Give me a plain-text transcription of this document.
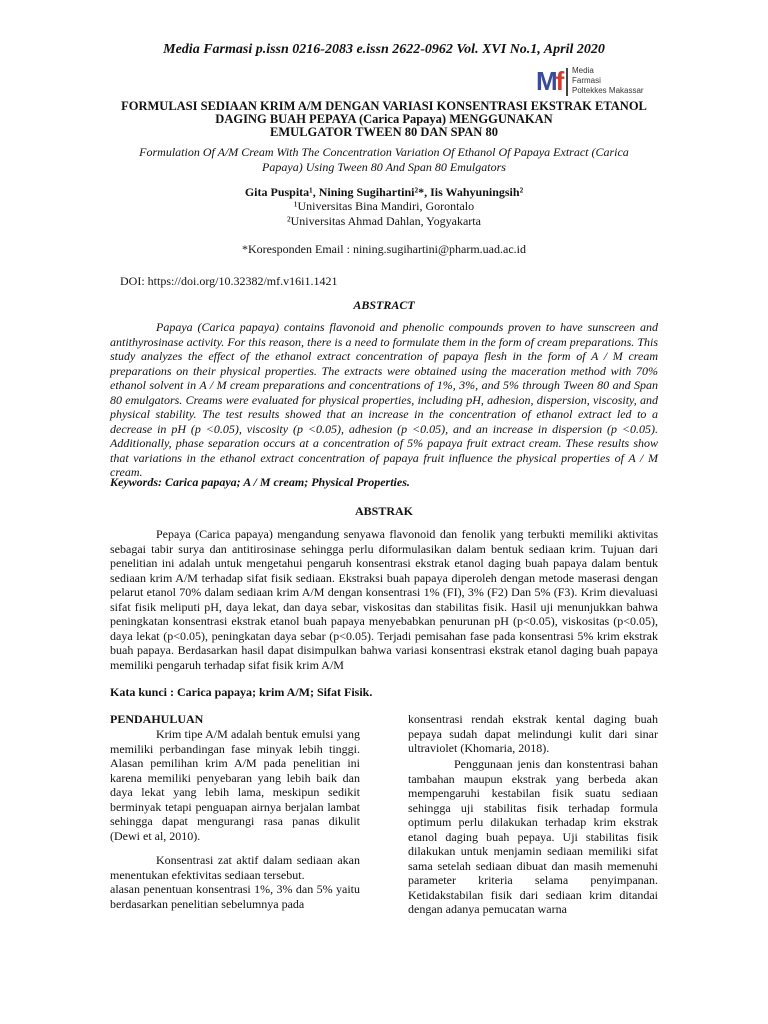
Media Farmasi p.issn 0216-2083 e.issn 2622-0962 Vol. XVI No.1, April 2020
Mf Media
Farmasi
Poltekkes Makassar
FORMULASI SEDIAAN KRIM A/M DENGAN VARIASI KONSENTRASI EKSTRAK ETANOL
DAGING BUAH PEPAYA (Carica Papaya) MENGGUNAKAN
EMULGATOR TWEEN 80 DAN SPAN 80
Formulation Of A/M Cream With The Concentration Variation Of Ethanol Of Papaya Extract (Carica
Papaya) Using Tween 80 And Span 80 Emulgators
Gita Puspita¹, Nining Sugihartini²*, Iis Wahyuningsih²
¹Universitas Bina Mandiri, Gorontalo
²Universitas Ahmad Dahlan, Yogyakarta
*Koresponden Email : nining.sugihartini@pharm.uad.ac.id
DOI: https://doi.org/10.32382/mf.v16i1.1421
ABSTRACT
Papaya (Carica papaya) contains flavonoid and phenolic compounds proven to have sunscreen and antithyrosinase activity. For this reason, there is a need to formulate them in the form of cream preparations. This study analyzes the effect of the ethanol extract concentration of papaya flesh in the form of A / M cream preparations on their physical properties. The extracts were obtained using the maceration method with 70% ethanol solvent in A / M cream preparations and concentrations of 1%, 3%, and 5% through Tween 80 and Span 80 emulgators. Creams were evaluated for physical properties, including pH, adhesion, dispersion, viscosity, and physical stability. The test results showed that an increase in the concentration of ethanol extract led to a decrease in pH (p <0.05), viscosity (p <0.05), adhesion (p <0.05), and an increase in dispersion (p <0.05). Additionally, phase separation occurs at a concentration of 5% papaya fruit extract cream. These results show that variations in the ethanol extract concentration of papaya fruit influence the physical properties of A / M cream.
Keywords: Carica papaya; A / M cream; Physical Properties.
ABSTRAK
Pepaya (Carica papaya) mengandung senyawa flavonoid dan fenolik yang terbukti memiliki aktivitas sebagai tabir surya dan antitirosinase sehingga perlu diformulasikan dalam bentuk sediaan krim. Tujuan dari penelitian ini adalah untuk mengetahui pengaruh konsentrasi ekstrak etanol daging buah papaya dalam bentuk sediaan krim A/M terhadap sifat fisik sediaan. Ekstraksi buah papaya diperoleh dengan metode maserasi dengan pelarut etanol 70% dalam sediaan krim A/M dengan konsentrasi 1% (FI), 3% (F2) Dan 5% (F3). Krim dievaluasi sifat fisik meliputi pH, daya lekat, dan daya sebar, viskositas dan stabilitas fisik. Hasil uji menunjukkan bahwa peningkatan konsentrasi ekstrak etanol buah papaya menyebabkan penurunan pH (p<0.05), viskositas (p<0.05), daya lekat (p<0.05), peningkatan daya sebar (p<0.05). Terjadi pemisahan fase pada konsentrasi 5% krim ekstrak buah papaya. Berdasarkan hasil dapat disimpulkan bahwa variasi konsentrasi ekstrak etanol daging buah papaya memiliki pengaruh terhadap sifat fisik krim A/M
Kata kunci : Carica papaya; krim A/M; Sifat Fisik.
PENDAHULUAN
Krim tipe A/M adalah bentuk emulsi yang memiliki perbandingan fase minyak lebih tinggi. Alasan pemilihan krim A/M pada penelitian ini karena memiliki penyebaran yang lebih baik dan daya lekat yang lebih lama, meskipun sedikit berminyak tetapi penguapan airnya berjalan lambat sehingga dapat mengurangi rasa panas dikulit (Dewi et al, 2010).
Konsentrasi zat aktif dalam sediaan akan menentukan efektivitas sediaan tersebut.
alasan penentuan konsentrasi 1%, 3% dan 5% yaitu berdasarkan penelitian sebelumnya pada
konsentrasi rendah ekstrak kental daging buah pepaya sudah dapat melindungi kulit dari sinar ultraviolet (Khomaria, 2018).
Penggunaan jenis dan konstentrasi bahan tambahan maupun ekstrak yang berbeda akan mempengaruhi kestabilan fisik suatu sediaan sehingga uji stabilitas fisik terhadap formula optimum perlu dilakukan terhadap krim ekstrak etanol daging buah pepaya. Uji stabilitas fisik dilakukan untuk menjamin sediaan memiliki sifat sama setelah sediaan dibuat dan masih memenuhi parameter kriteria selama penyimpanan. Ketidakstabilan fisik dari sediaan krim ditandai dengan adanya pemucatan warna
